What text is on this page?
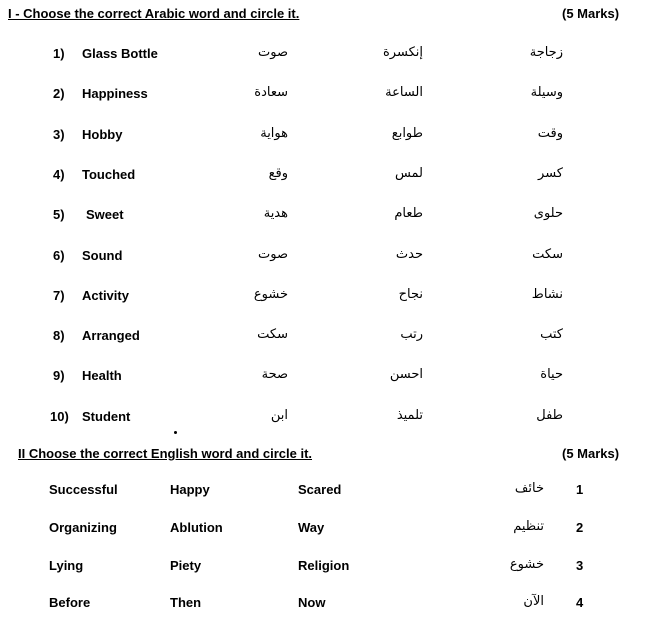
I - Choose the correct Arabic word and circle it.	(5 Marks)
1) Glass Bottle	صوت	إنكسرة	زجاجة
2) Happiness	سعادة	الساعة	وسيلة
3) Hobby	هواية	طوابع	وقت
4) Touched	وقع	لمس	كسر
5) Sweet	هدية	طعام	حلوى
6) Sound	صوت	حدث	سكت
7) Activity	خشوع	نجاح	نشاط
8) Arranged	سكت	رتب	كتب
9) Health	صحة	احسن	حياة
10) Student	ابن	تلميذ	طفل
II Choose the correct English word and circle it.	(5 Marks)
Successful	Happy	Scared	خائف 1
Organizing	Ablution	Way	تنظيم 2
Lying	Piety	Religion	خشوع 3
Before	Then	Now	الآن 4
